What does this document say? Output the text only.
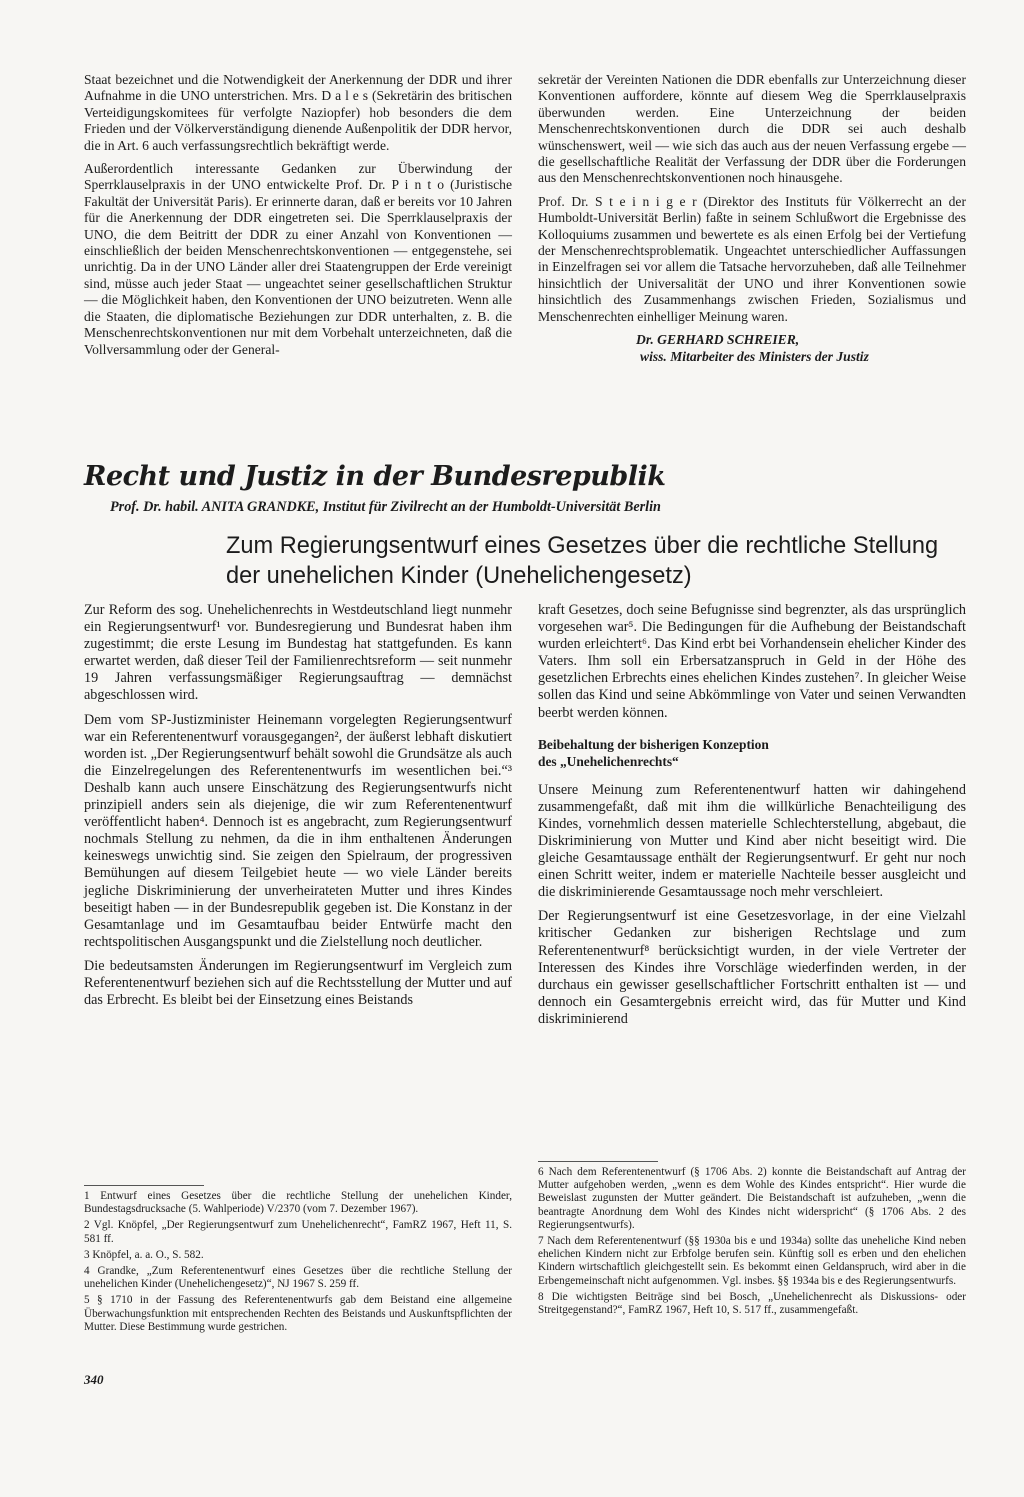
Staat bezeichnet und die Notwendigkeit der Anerkennung der DDR und ihrer Aufnahme in die UNO unterstrichen. Mrs. D a l e s (Sekretärin des britischen Verteidigungskomitees für verfolgte Naziopfer) hob besonders die dem Frieden und der Völkerverständigung dienende Außenpolitik der DDR hervor, die in Art. 6 auch verfassungsrechtlich bekräftigt werde.

Außerordentlich interessante Gedanken zur Überwindung der Sperrklauselpraxis in der UNO entwickelte Prof. Dr. P i n t o (Juristische Fakultät der Universität Paris). Er erinnerte daran, daß er bereits vor 10 Jahren für die Anerkennung der DDR eingetreten sei. Die Sperrklauselpraxis der UNO, die dem Beitritt der DDR zu einer Anzahl von Konventionen — einschließlich der beiden Menschenrechtskonventionen — entgegenstehe, sei unrichtig. Da in der UNO Länder aller drei Staatengruppen der Erde vereinigt sind, müsse auch jeder Staat — ungeachtet seiner gesellschaftlichen Struktur — die Möglichkeit haben, den Konventionen der UNO beizutreten. Wenn alle die Staaten, die diplomatische Beziehungen zur DDR unterhalten, z. B. die Menschenrechtskonventionen nur mit dem Vorbehalt unterzeichneten, daß die Vollversammlung oder der General-

sekretär der Vereinten Nationen die DDR ebenfalls zur Unterzeichnung dieser Konventionen auffordere, könnte auf diesem Weg die Sperrklauselpraxis überwunden werden. Eine Unterzeichnung der beiden Menschenrechtskonventionen durch die DDR sei auch deshalb wünschenswert, weil — wie sich das auch aus der neuen Verfassung ergebe — die gesellschaftliche Realität der Verfassung der DDR über die Forderungen aus den Menschenrechtskonventionen noch hinausgehe.

Prof. Dr. S t e i n i g e r (Direktor des Instituts für Völkerrecht an der Humboldt-Universität Berlin) faßte in seinem Schlußwort die Ergebnisse des Kolloquiums zusammen und bewertete es als einen Erfolg bei der Vertiefung der Menschenrechtsproblematik. Ungeachtet unterschiedlicher Auffassungen in Einzelfragen sei vor allem die Tatsache hervorzuheben, daß alle Teilnehmer hinsichtlich der Universalität der UNO und ihrer Konventionen sowie hinsichtlich des Zusammenhangs zwischen Frieden, Sozialismus und Menschenrechten einhelliger Meinung waren.

Dr. GERHARD SCHREIER,
wiss. Mitarbeiter des Ministers der Justiz
Recht und Justiz in der Bundesrepublik
Prof. Dr. habil. ANITA GRANDKE, Institut für Zivilrecht an der Humboldt-Universität Berlin
Zum Regierungsentwurf eines Gesetzes über die rechtliche Stellung
der unehelichen Kinder (Unehelichengesetz)

Zur Reform des sog. Unehelichenrechts in Westdeutschland liegt nunmehr ein Regierungsentwurf¹ vor. Bundesregierung und Bundesrat haben ihm zugestimmt; die erste Lesung im Bundestag hat stattgefunden. Es kann erwartet werden, daß dieser Teil der Familienrechtsreform — seit nunmehr 19 Jahren verfassungsmäßiger Regierungsauftrag — demnächst abgeschlossen wird.

Dem vom SP-Justizminister Heinemann vorgelegten Regierungsentwurf war ein Referentenentwurf vorausgegangen², der äußerst lebhaft diskutiert worden ist. „Der Regierungsentwurf behält sowohl die Grundsätze als auch die Einzelregelungen des Referentenentwurfs im wesentlichen bei.“³ Deshalb kann auch unsere Einschätzung des Regierungsentwurfs nicht prinzipiell anders sein als diejenige, die wir zum Referentenentwurf veröffentlicht haben⁴. Dennoch ist es angebracht, zum Regierungsentwurf nochmals Stellung zu nehmen, da die in ihm enthaltenen Änderungen keineswegs unwichtig sind. Sie zeigen den Spielraum, der progressiven Bemühungen auf diesem Teilgebiet heute — wo viele Länder bereits jegliche Diskriminierung der unverheirateten Mutter und ihres Kindes beseitigt haben — in der Bundesrepublik gegeben ist. Die Konstanz in der Gesamtanlage und im Gesamtaufbau beider Entwürfe macht den rechtspolitischen Ausgangspunkt und die Zielstellung noch deutlicher.

Die bedeutsamsten Änderungen im Regierungsentwurf im Vergleich zum Referentenentwurf beziehen sich auf die Rechtsstellung der Mutter und auf das Erbrecht. Es bleibt bei der Einsetzung eines Beistands

kraft Gesetzes, doch seine Befugnisse sind begrenzter, als das ursprünglich vorgesehen war⁵. Die Bedingungen für die Aufhebung der Beistandschaft wurden erleichtert⁶. Das Kind erbt bei Vorhandensein ehelicher Kinder des Vaters. Ihm soll ein Erbersatzanspruch in Geld in der Höhe des gesetzlichen Erbrechts eines ehelichen Kindes zustehen⁷. In gleicher Weise sollen das Kind und seine Abkömmlinge von Vater und seinen Verwandten beerbt werden können.

Beibehaltung der bisherigen Konzeption
des „Unehelichenrechts“

Unsere Meinung zum Referentenentwurf hatten wir dahingehend zusammengefaßt, daß mit ihm die willkürliche Benachteiligung des Kindes, vornehmlich dessen materielle Schlechterstellung, abgebaut, die Diskriminierung von Mutter und Kind aber nicht beseitigt wird. Die gleiche Gesamtaussage enthält der Regierungsentwurf. Er geht nur noch einen Schritt weiter, indem er materielle Nachteile besser ausgleicht und die diskriminierende Gesamtaussage noch mehr verschleiert.

Der Regierungsentwurf ist eine Gesetzesvorlage, in der eine Vielzahl kritischer Gedanken zur bisherigen Rechtslage und zum Referentenentwurf⁸ berücksichtigt wurden, in der viele Vertreter der Interessen des Kindes ihre Vorschläge wiederfinden werden, in der durchaus ein gewisser gesellschaftlicher Fortschritt enthalten ist — und dennoch ein Gesamtergebnis erreicht wird, das für Mutter und Kind diskriminierend

1 Entwurf eines Gesetzes über die rechtliche Stellung der unehelichen Kinder, Bundestagsdrucksache (5. Wahlperiode) V/2370 (vom 7. Dezember 1967).

2 Vgl. Knöpfel, „Der Regierungsentwurf zum Unehelichenrecht“, FamRZ 1967, Heft 11, S. 581 ff.

3 Knöpfel, a. a. O., S. 582.

4 Grandke, „Zum Referentenentwurf eines Gesetzes über die rechtliche Stellung der unehelichen Kinder (Unehelichengesetz)“, NJ 1967 S. 259 ff.

5 § 1710 in der Fassung des Referentenentwurfs gab dem Beistand eine allgemeine Überwachungsfunktion mit entsprechenden Rechten des Beistands und Auskunftspflichten der Mutter. Diese Bestimmung wurde gestrichen.

6 Nach dem Referentenentwurf (§ 1706 Abs. 2) konnte die Beistandschaft auf Antrag der Mutter aufgehoben werden, „wenn es dem Wohle des Kindes entspricht“. Hier wurde die Beweislast zugunsten der Mutter geändert. Die Beistandschaft ist aufzuheben, „wenn die beantragte Anordnung dem Wohl des Kindes nicht widerspricht“ (§ 1706 Abs. 2 des Regierungsentwurfs).

7 Nach dem Referentenentwurf (§§ 1930a bis e und 1934a) sollte das uneheliche Kind neben ehelichen Kindern nicht zur Erbfolge berufen sein. Künftig soll es erben und den ehelichen Kindern wirtschaftlich gleichgestellt sein. Es bekommt einen Geldanspruch, wird aber in die Erbengemeinschaft nicht aufgenommen. Vgl. insbes. §§ 1934a bis e des Regierungsentwurfs.

8 Die wichtigsten Beiträge sind bei Bosch, „Unehelichenrecht als Diskussions- oder Streitgegenstand?“, FamRZ 1967, Heft 10, S. 517 ff., zusammengefaßt.

340
